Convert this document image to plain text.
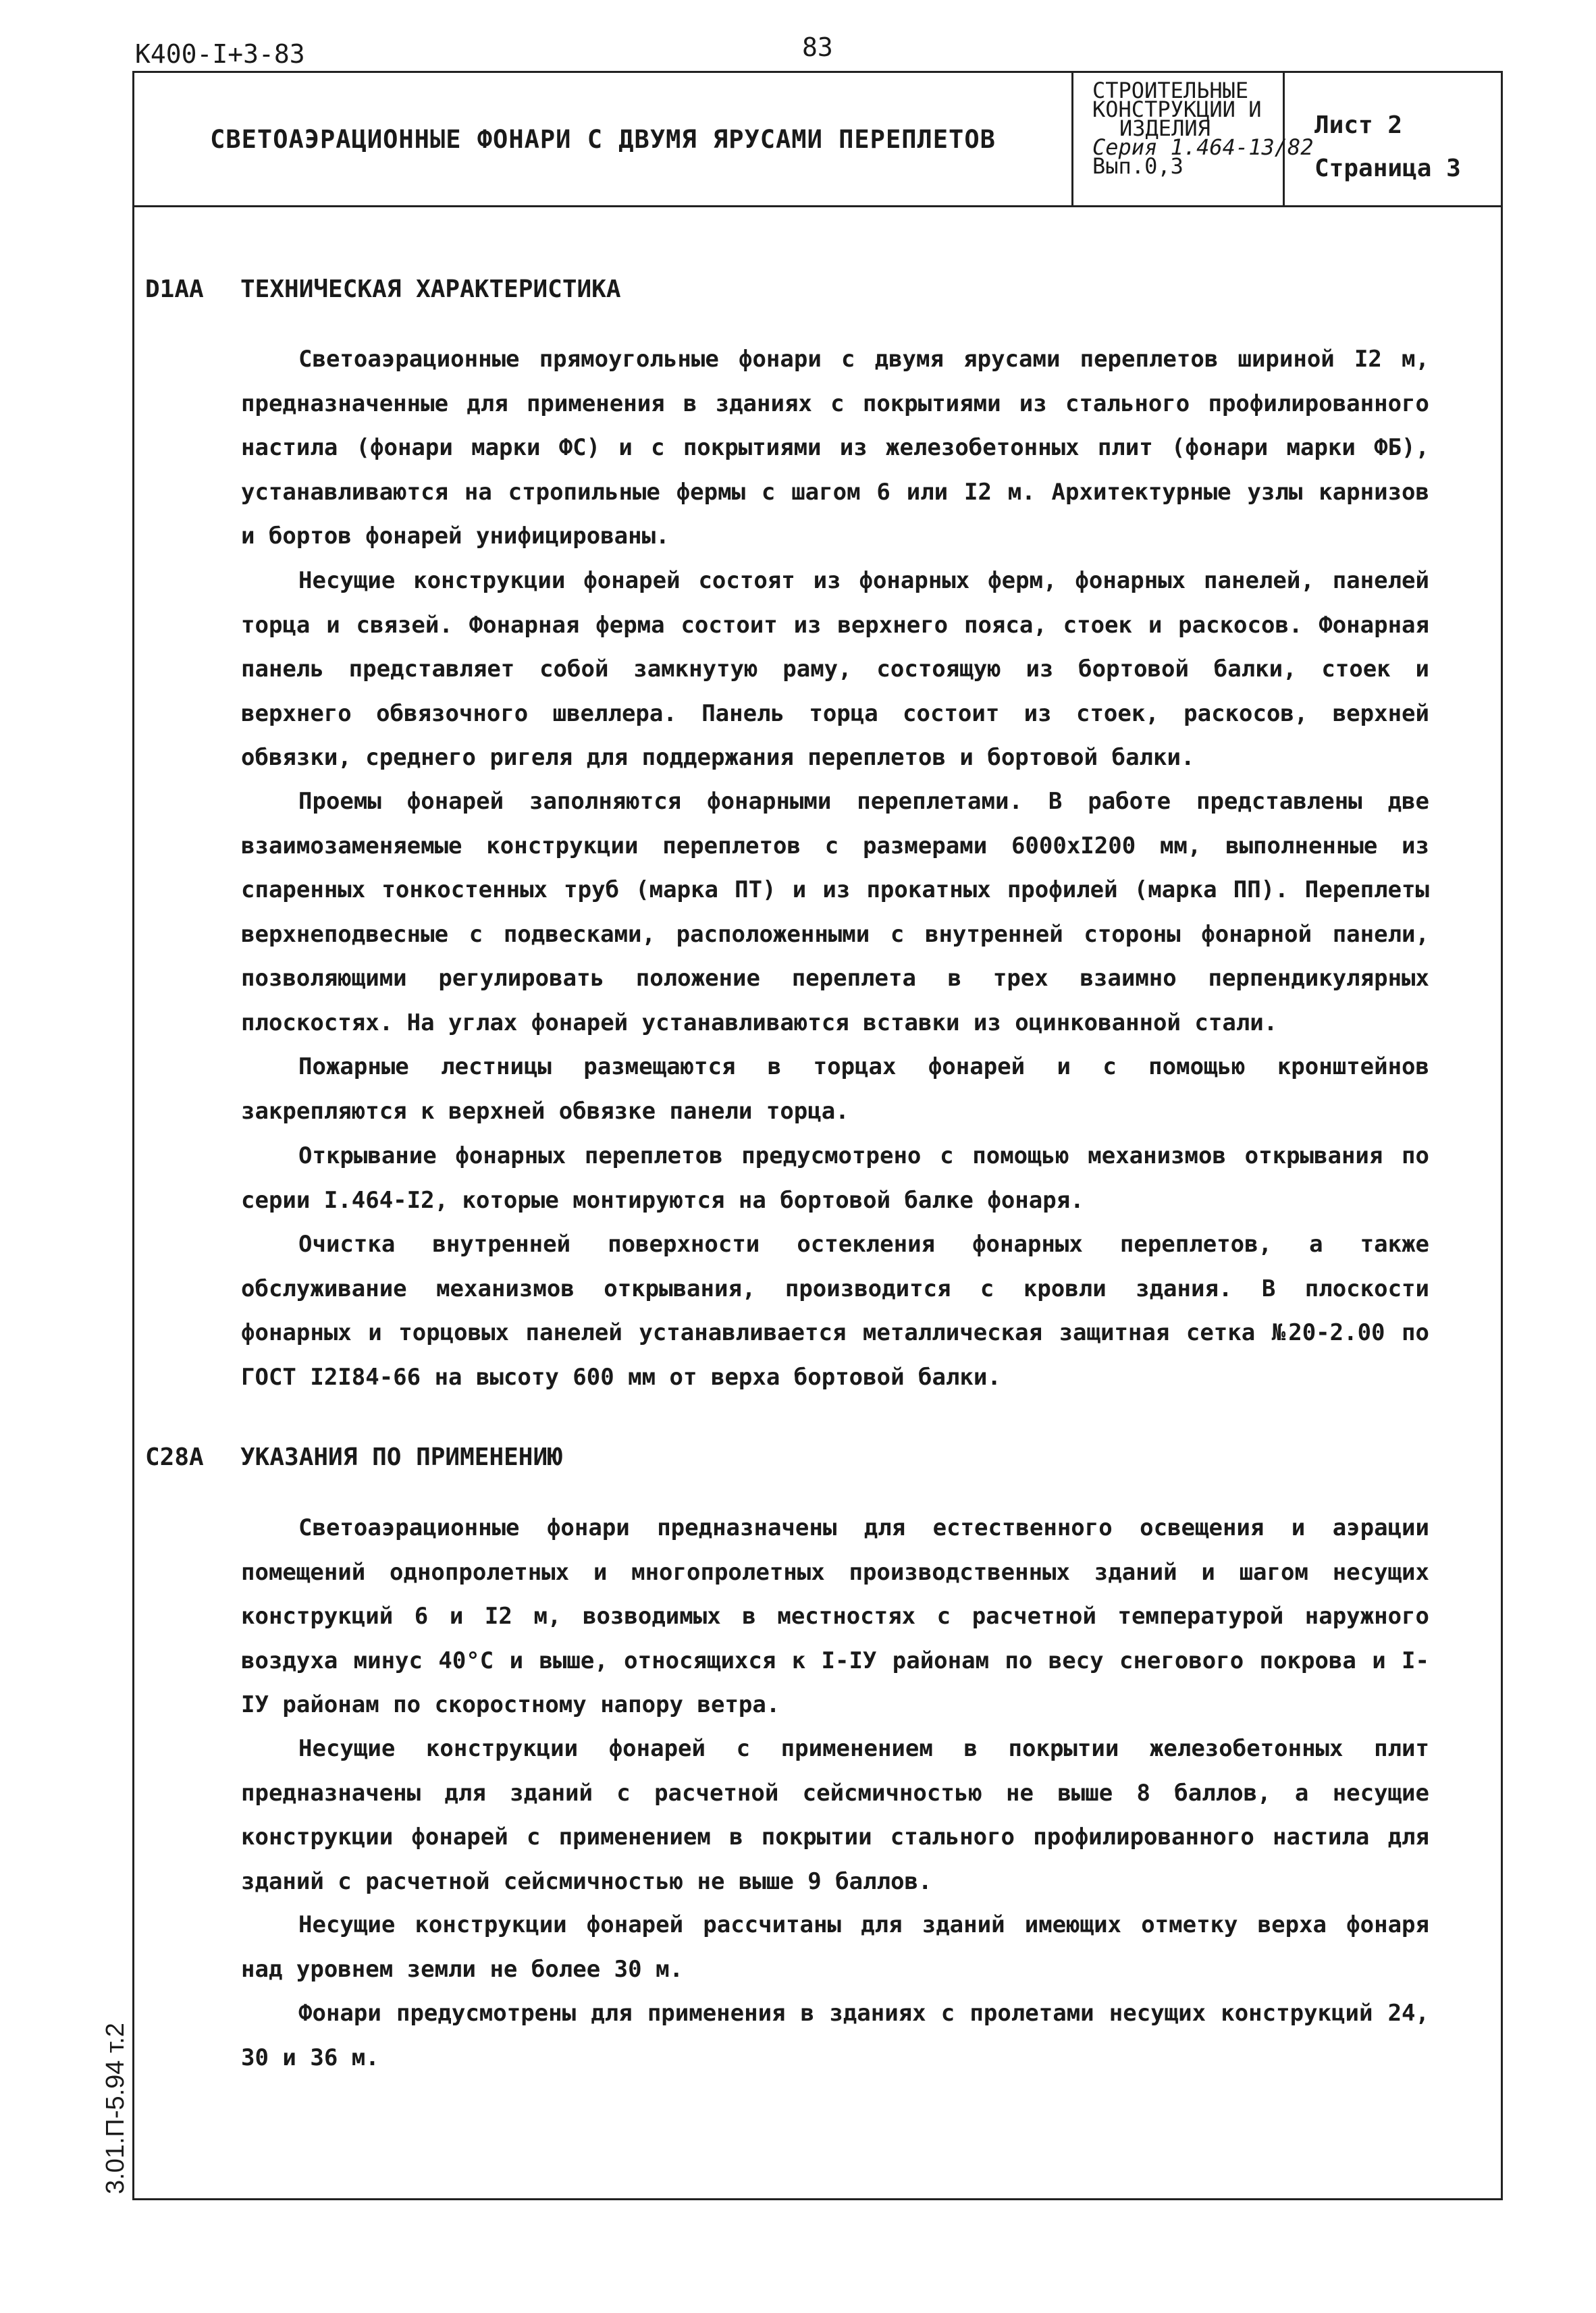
К400-I+3-83	83
СВЕТОАЭРАЦИОННЫЕ ФОНАРИ С ДВУМЯ ЯРУСАМИ ПЕРЕПЛЕТОВ
СТРОИТЕЛЬНЫЕ
КОНСТРУКЦИИ И
ИЗДЕЛИЯ
Серия 1.464-13/82
Вып.0,3
Лист 2
Страница 3
D1AA ТЕХНИЧЕСКАЯ ХАРАКТЕРИСТИКА

Светоаэрационные прямоугольные фонари с двумя ярусами переплетов шириной I2 м, предназначенные для применения в зданиях с покрытиями из стального профилированного настила (фонари марки ФС) и с покрытиями из железобетонных плит (фонари марки ФБ), устанавливаются на стропильные фермы с шагом 6 или I2 м. Архитектурные узлы карнизов и бортов фонарей унифицированы.

Несущие конструкции фонарей состоят из фонарных ферм, фонарных панелей, панелей торца и связей. Фонарная ферма состоит из верхнего пояса, стоек и раскосов. Фонарная панель представляет собой замкнутую раму, состоящую из бортовой балки, стоек и верхнего обвязочного швеллера. Панель торца состоит из стоек, раскосов, верхней обвязки, среднего ригеля для поддержания переплетов и бортовой балки.

Проемы фонарей заполняются фонарными переплетами. В работе представлены две взаимозаменяемые конструкции переплетов с размерами 6000хI200 мм, выполненные из спаренных тонкостенных труб (марка ПТ) и из прокатных профилей (марка ПП). Переплеты верхнеподвесные с подвесками, расположенными с внутренней стороны фонарной панели, позволяющими регулировать положение переплета в трех взаимно перпендикулярных плоскостях. На углах фонарей устанавливаются вставки из оцинкованной стали.

Пожарные лестницы размещаются в торцах фонарей и с помощью кронштейнов закрепляются к верхней обвязке панели торца.

Открывание фонарных переплетов предусмотрено с помощью механизмов открывания по серии I.464-I2, которые монтируются на бортовой балке фонаря.

Очистка внутренней поверхности остекления фонарных переплетов, а также обслуживание механизмов открывания, производится с кровли здания. В плоскости фонарных и торцовых панелей устанавливается металлическая защитная сетка №20-2.00 по ГОСТ I2I84-66 на высоту 600 мм от верха бортовой балки.

C28A УКАЗАНИЯ ПО ПРИМЕНЕНИЮ

Светоаэрационные фонари предназначены для естественного освещения и аэрации помещений однопролетных и многопролетных производственных зданий и шагом несущих конструкций 6 и I2 м, возводимых в местностях с расчетной температурой наружного воздуха минус 40°С и выше, относящихся к I-IУ районам по весу снегового покрова и I-IУ районам по скоростному напору ветра.

Несущие конструкции фонарей с применением в покрытии железобетонных плит предназначены для зданий с расчетной сейсмичностью не выше 8 баллов, а несущие конструкции фонарей с применением в покрытии стального профилированного настила для зданий с расчетной сейсмичностью не выше 9 баллов.

Несущие конструкции фонарей рассчитаны для зданий имеющих отметку верха фонаря над уровнем земли не более 30 м.

Фонари предусмотрены для применения в зданиях с пролетами несущих конструкций 24, 30 и 36 м.

3.01.П-5.94 т.2
